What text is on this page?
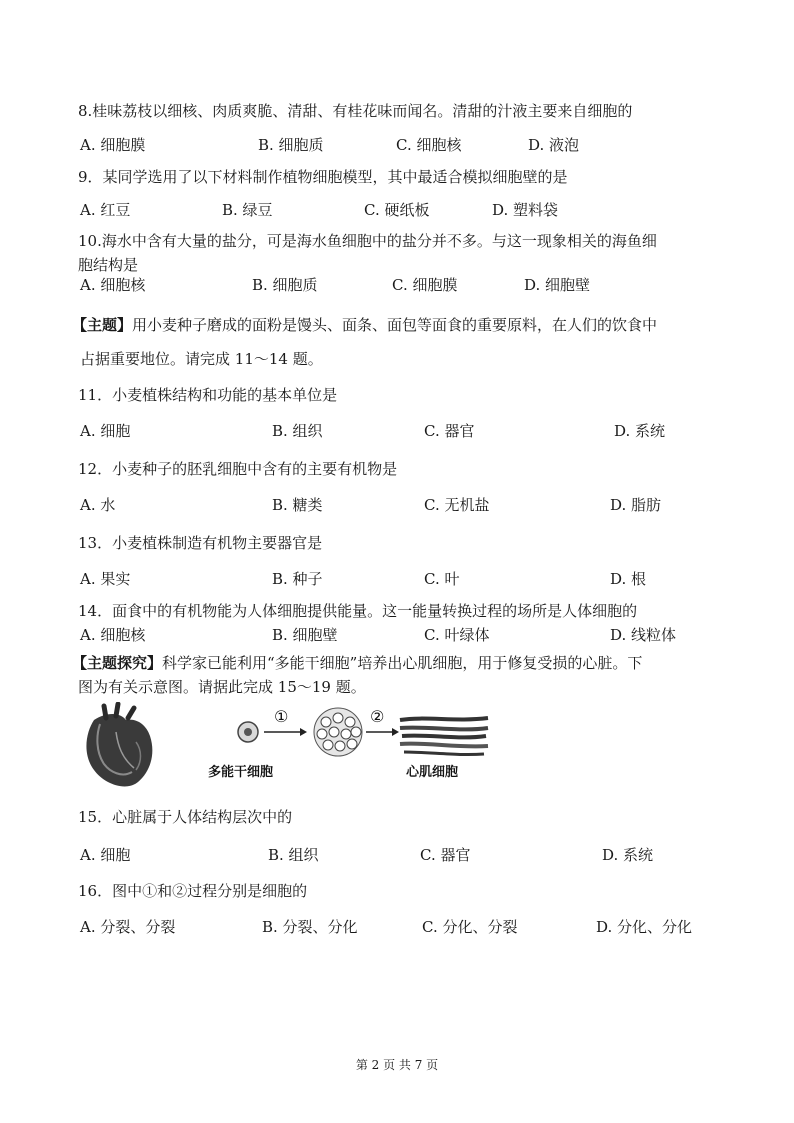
8.桂味荔枝以细核、肉质爽脆、清甜、有桂花味而闻名。清甜的汁液主要来自细胞的
A. 细胞膜	B. 细胞质	C. 细胞核	D. 液泡
9．某同学选用了以下材料制作植物细胞模型，其中最适合模拟细胞壁的是
A. 红豆	B. 绿豆	C. 硬纸板	D. 塑料袋
10.海水中含有大量的盐分，可是海水鱼细胞中的盐分并不多。与这一现象相关的海鱼细
胞结构是
A. 细胞核	B. 细胞质	C. 细胞膜	D. 细胞壁
【主题】用小麦种子磨成的面粉是馒头、面条、面包等面食的重要原料，在人们的饮食中
占据重要地位。请完成 11～14 题。
11．小麦植株结构和功能的基本单位是
A. 细胞	B. 组织	C. 器官	D. 系统
12．小麦种子的胚乳细胞中含有的主要有机物是
A. 水	B. 糖类	C. 无机盐	D. 脂肪
13．小麦植株制造有机物主要器官是
A. 果实	B. 种子	C. 叶	D. 根
14．面食中的有机物能为人体细胞提供能量。这一能量转换过程的场所是人体细胞的
A. 细胞核	B. 细胞壁	C. 叶绿体	D. 线粒体
【主题探究】科学家已能利用“多能干细胞”培养出心肌细胞，用于修复受损的心脏。下
图为有关示意图。请据此完成 15～19 题。
①	②
多能干细胞	心肌细胞
15．心脏属于人体结构层次中的
A. 细胞	B. 组织	C. 器官	D. 系统
16．图中①和②过程分别是细胞的
A. 分裂、分裂	B. 分裂、分化	C. 分化、分裂	D. 分化、分化
第 2 页 共 7 页
